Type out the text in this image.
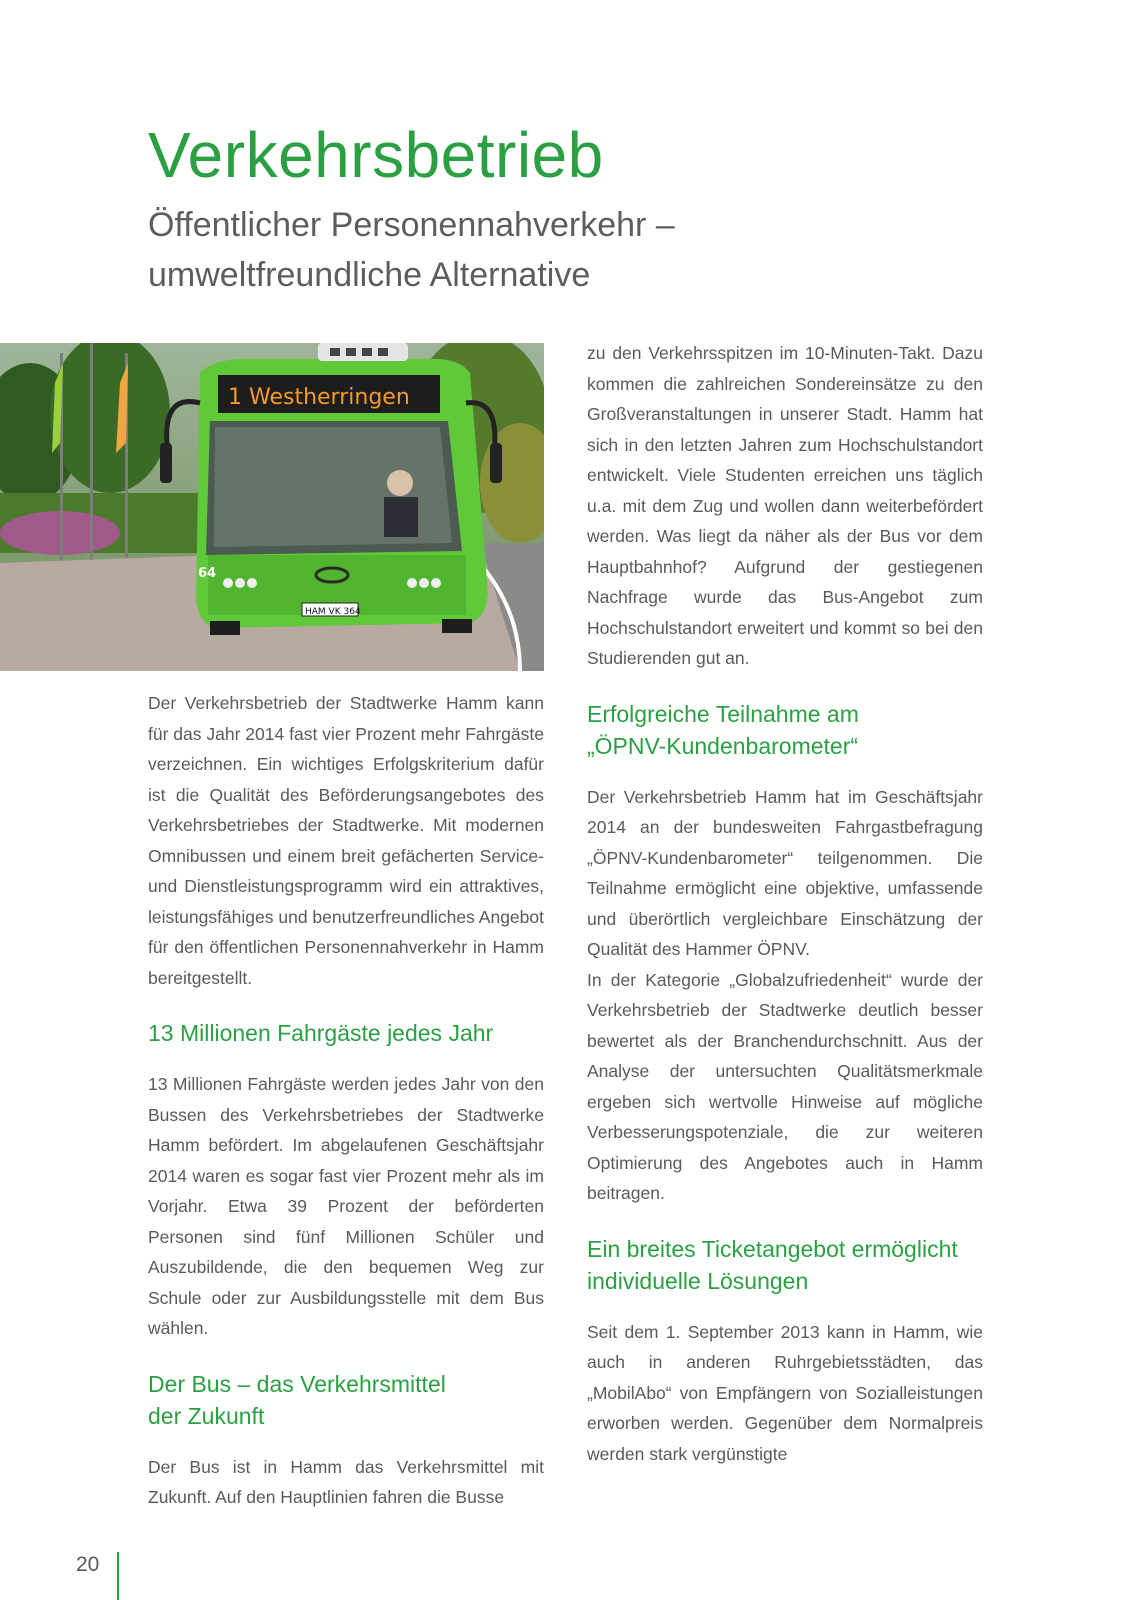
Verkehrsbetrieb
Öffentlicher Personennahverkehr –
umweltfreundliche Alternative
1 Westherringen
64
HAM VK 364

Der Verkehrsbetrieb der Stadtwerke Hamm kann für das Jahr 2014 fast vier Prozent mehr Fahrgäste verzeichnen. Ein wichtiges Erfolgskriterium dafür ist die Qualität des Beförderungsangebotes des Verkehrsbetriebes der Stadtwerke. Mit modernen Omnibussen und einem breit gefächerten Service- und Dienstleistungsprogramm wird ein attraktives, leistungsfähiges und benutzerfreundliches Angebot für den öffentlichen Personennahverkehr in Hamm bereitgestellt.

13 Millionen Fahrgäste jedes Jahr

13 Millionen Fahrgäste werden jedes Jahr von den Bussen des Verkehrsbetriebes der Stadtwerke Hamm befördert. Im abgelaufenen Geschäftsjahr 2014 waren es sogar fast vier Prozent mehr als im Vorjahr. Etwa 39 Prozent der beförderten Personen sind fünf Millionen Schüler und Auszubildende, die den bequemen Weg zur Schule oder zur Ausbildungsstelle mit dem Bus wählen.

Der Bus – das Verkehrsmittel
der Zukunft

Der Bus ist in Hamm das Verkehrsmittel mit Zukunft. Auf den Hauptlinien fahren die Busse

zu den Verkehrsspitzen im 10-Minuten-Takt. Dazu kommen die zahlreichen Sondereinsätze zu den Großveranstaltungen in unserer Stadt. Hamm hat sich in den letzten Jahren zum Hochschulstandort entwickelt. Viele Studenten erreichen uns täglich u.a. mit dem Zug und wollen dann weiterbefördert werden. Was liegt da näher als der Bus vor dem Hauptbahnhof? Aufgrund der gestiegenen Nachfrage wurde das Bus-Angebot zum Hochschulstandort erweitert und kommt so bei den Studierenden gut an.

Erfolgreiche Teilnahme am
„ÖPNV-Kundenbarometer“

Der Verkehrsbetrieb Hamm hat im Geschäftsjahr 2014 an der bundesweiten Fahrgastbefragung „ÖPNV-Kundenbarometer“ teilgenommen. Die Teilnahme ermöglicht eine objektive, umfassende und überörtlich vergleichbare Einschätzung der Qualität des Hammer ÖPNV.

In der Kategorie „Globalzufriedenheit“ wurde der Verkehrsbetrieb der Stadtwerke deutlich besser bewertet als der Branchendurchschnitt. Aus der Analyse der untersuchten Qualitätsmerkmale ergeben sich wertvolle Hinweise auf mögliche Verbesserungspotenziale, die zur weiteren Optimierung des Angebotes auch in Hamm beitragen.

Ein breites Ticketangebot ermöglicht
individuelle Lösungen

Seit dem 1. September 2013 kann in Hamm, wie auch in anderen Ruhrgebietsstädten, das „MobilAbo“ von Empfängern von Sozialleistungen erworben werden. Gegenüber dem Normalpreis werden stark vergünstigte

20
